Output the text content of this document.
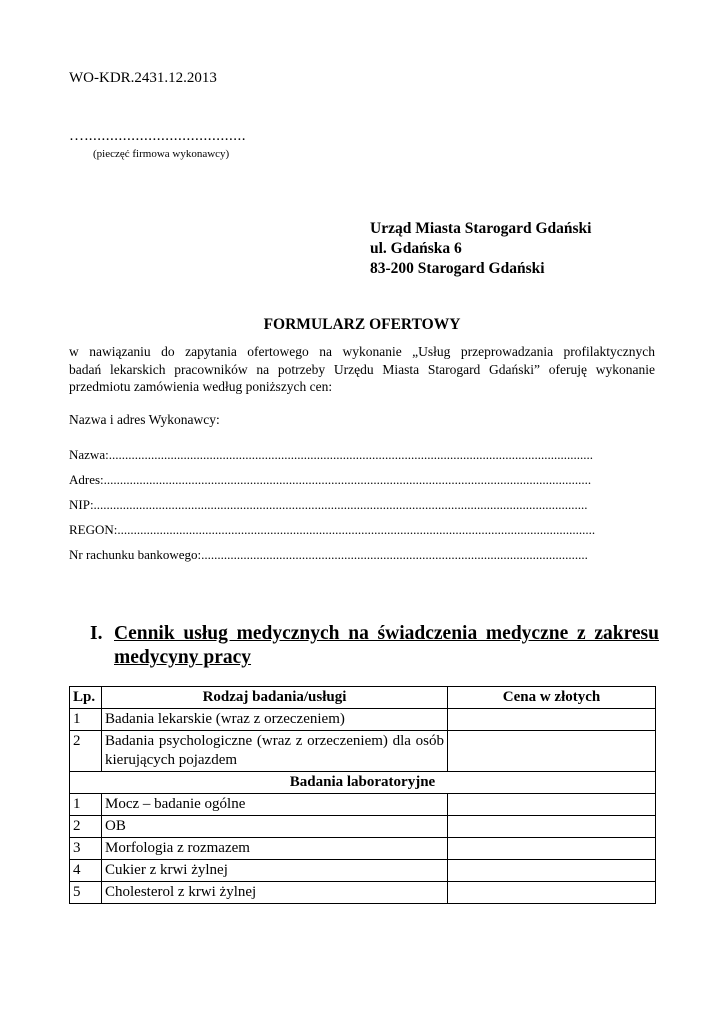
WO-KDR.2431.12.2013
…......................................
(pieczęć firmowa wykonawcy)
Urząd Miasta Starogard Gdański
ul. Gdańska 6
83-200 Starogard Gdański
FORMULARZ OFERTOWY
w nawiązaniu do zapytania ofertowego na wykonanie „Usług przeprowadzania profilaktycznych
badań lekarskich pracowników na potrzeby Urzędu Miasta Starogard Gdański” oferuję wykonanie
przedmiotu zamówienia według poniższych cen:
Nazwa i adres Wykonawcy:
Nazwa:.....................................................................................................................................................
Adres:......................................................................................................................................................
NIP:........................................................................................................................................................
REGON:...................................................................................................................................................
Nr rachunku bankowego:.......................................................................................................................
I. Cennik usług medycznych na świadczenia medyczne z zakresu
medycyny pracy
Lp.	Rodzaj badania/usługi	Cena w złotych
1	Badania lekarskie (wraz z orzeczeniem)	
2	Badania psychologiczne (wraz z orzeczeniem) dla osób kierujących pojazdem	
Badania laboratoryjne		
1	Mocz – badanie ogólne	
2	OB	
3	Morfologia z rozmazem	
4	Cukier z krwi żylnej	
5	Cholesterol z krwi żylnej	
